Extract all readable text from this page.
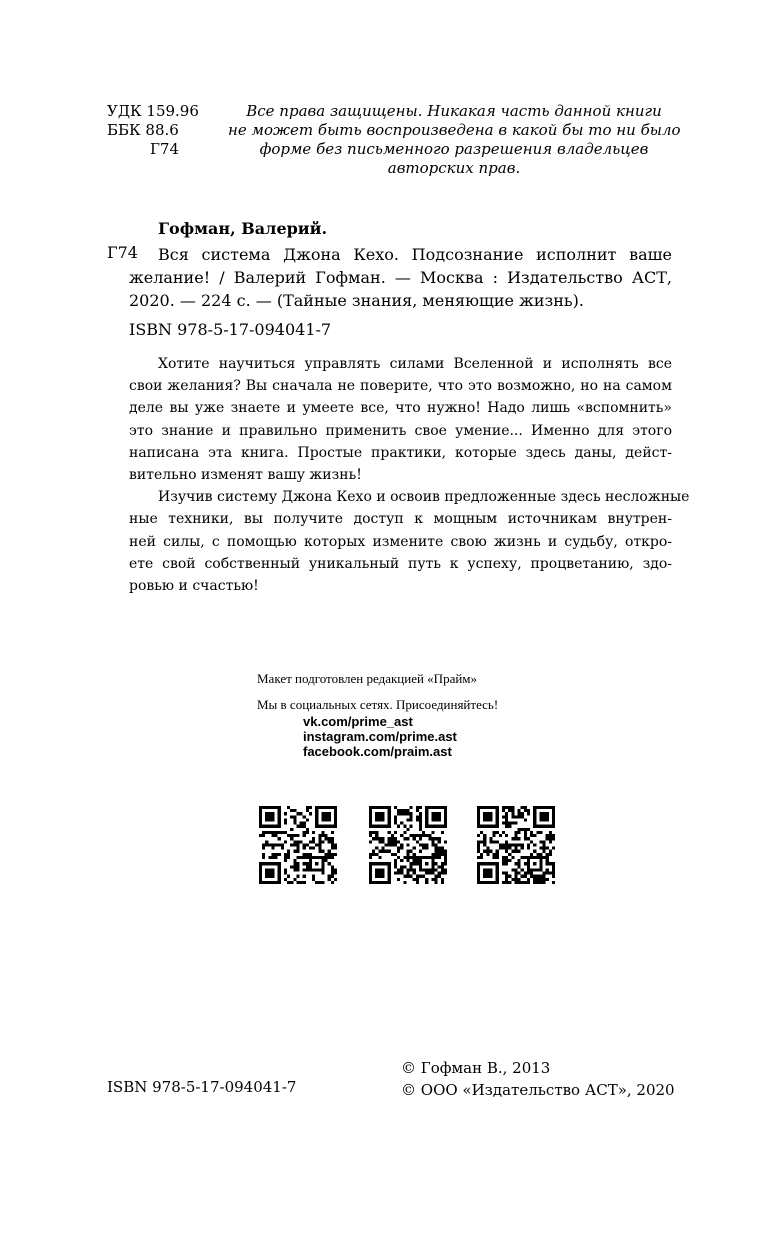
УДК 159.96
ББК 88.6
Г74
Все права защищены. Никакая часть данной книги
не может быть воспроизведена в какой бы то ни было
форме без письменного разрешения владельцев
авторских прав.
Гофман, Валерий.
Г74	Вся система Джона Кехо. Подсознание исполнит ваше
желание! / Валерий Гофман. — Москва : Издательство АСТ,
2020. — 224 с. — (Тайные знания, меняющие жизнь).
ISBN 978-5-17-094041-7
Хотите научиться управлять силами Вселенной и исполнять все
свои желания? Вы сначала не поверите, что это возможно, но на самом
деле вы уже знаете и умеете все, что нужно! Надо лишь «вспомнить»
это знание и правильно применить свое умение... Именно для этого
написана эта книга. Простые практики, которые здесь даны, дейст-
вительно изменят вашу жизнь!
Изучив систему Джона Кехо и освоив предложенные здесь несложные
ные техники, вы получите доступ к мощным источникам внутрен-
ней силы, с помощью которых измените свою жизнь и судьбу, откро-
ете свой собственный уникальный путь к успеху, процветанию, здо-
ровью и счастью!
Макет подготовлен редакцией «Прайм»
Мы в социальных сетях. Присоединяйтесь!
vk.com/prime_ast
instagram.com/prime.ast
facebook.com/praim.ast
ISBN 978-5-17-094041-7
© Гофман В., 2013
© ООО «Издательство АСТ», 2020
